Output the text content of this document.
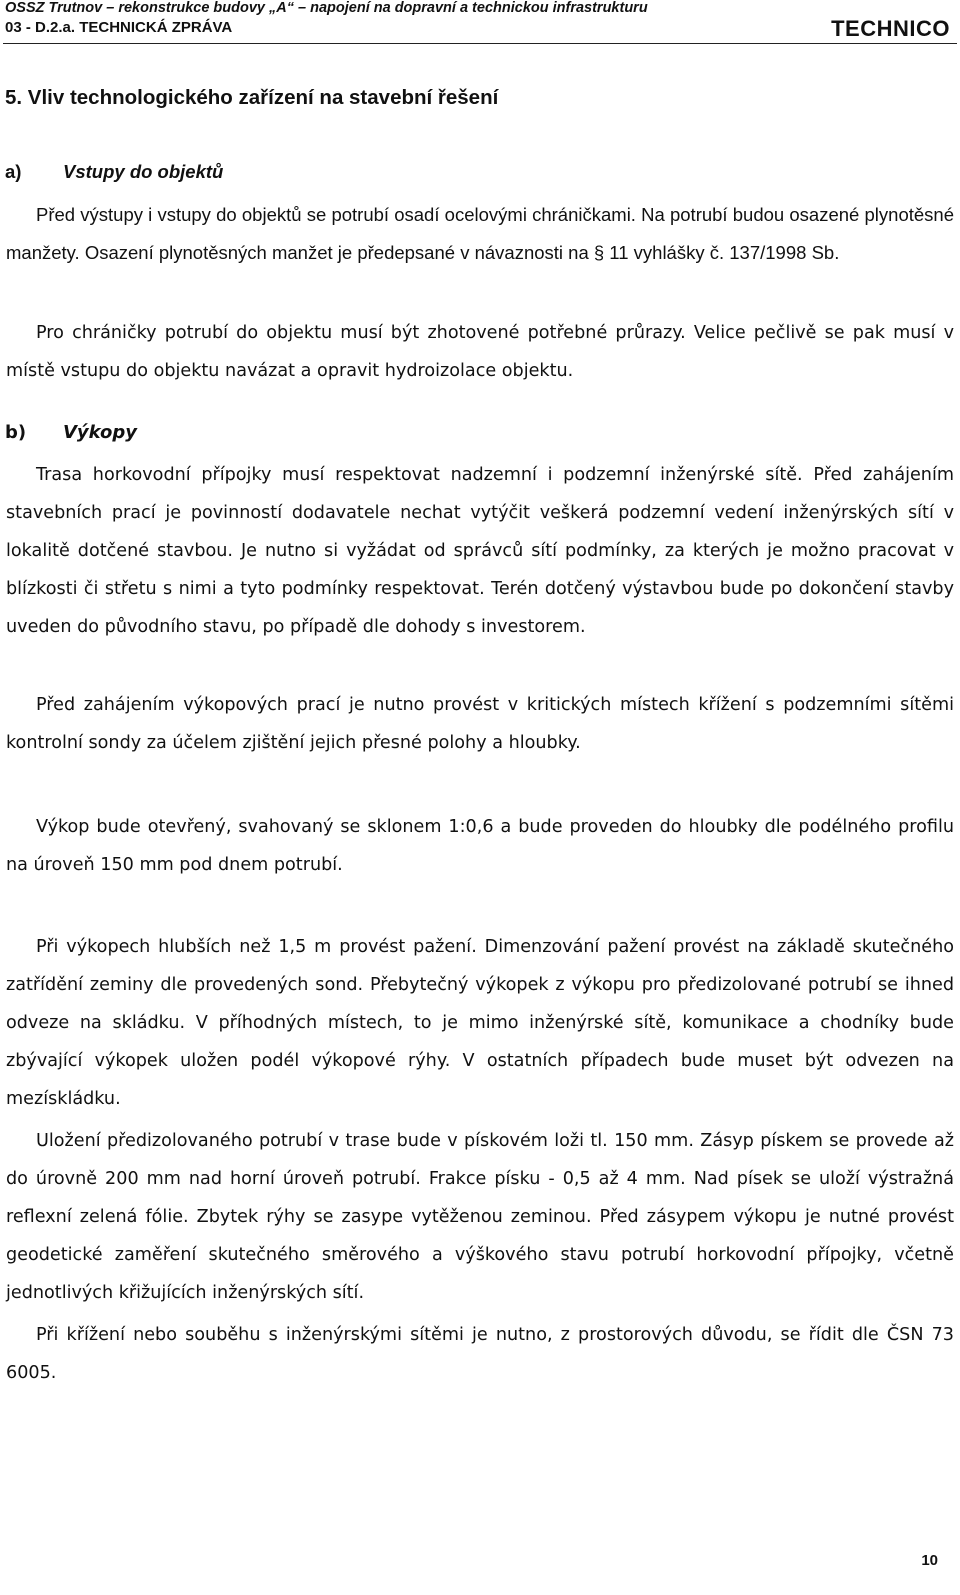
OSSZ Trutnov – rekonstrukce budovy „A“ – napojení na dopravní a technickou infrastrukturu
03 - D.2.a. TECHNICKÁ ZPRÁVA	TECHNICO
5. Vliv technologického zařízení na stavební řešení
a) Vstupy do objektů

Před výstupy i vstupy do objektů se potrubí osadí ocelovými chráničkami. Na potrubí budou osazené plynotěsné manžety. Osazení plynotěsných manžet je předepsané v návaznosti na § 11 vyhlášky č. 137/1998 Sb.

Pro chráničky potrubí do objektu musí být zhotovené potřebné průrazy. Velice pečlivě se pak musí v místě vstupu do objektu navázat a opravit hydroizolace objektu.

b) Výkopy

Trasa horkovodní přípojky musí respektovat nadzemní i podzemní inženýrské sítě. Před zahájením stavebních prací je povinností dodavatele nechat vytýčit veškerá podzemní vedení inženýrských sítí v lokalitě dotčené stavbou. Je nutno si vyžádat od správců sítí podmínky, za kterých je možno pracovat v blízkosti či střetu s nimi a tyto podmínky respektovat. Terén dotčený výstavbou bude po dokončení stavby uveden do původního stavu, po případě dle dohody s investorem.

Před zahájením výkopových prací je nutno provést v kritických místech křížení s podzemními sítěmi kontrolní sondy za účelem zjištění jejich přesné polohy a hloubky.

Výkop bude otevřený, svahovaný se sklonem 1:0,6 a bude proveden do hloubky dle podélného profilu na úroveň 150 mm pod dnem potrubí.

Při výkopech hlubších než 1,5 m provést pažení. Dimenzování pažení provést na základě skutečného zatřídění zeminy dle provedených sond. Přebytečný výkopek z výkopu pro předizolované potrubí se ihned odveze na skládku. V příhodných místech, to je mimo inženýrské sítě, komunikace a chodníky bude zbývající výkopek uložen podél výkopové rýhy. V ostatních případech bude muset být odvezen na mezískládku.

Uložení předizolovaného potrubí v trase bude v pískovém loži tl. 150 mm. Zásyp pískem se provede až do úrovně 200 mm nad horní úroveň potrubí. Frakce písku - 0,5 až 4 mm. Nad písek se uloží výstražná reflexní zelená fólie. Zbytek rýhy se zasype vytěženou zeminou. Před zásypem výkopu je nutné provést geodetické zaměření skutečného směrového a výškového stavu potrubí horkovodní přípojky, včetně jednotlivých křižujících inženýrských sítí.

Při křížení nebo souběhu s inženýrskými sítěmi je nutno, z prostorových důvodu, se řídit dle ČSN 73 6005.

10
